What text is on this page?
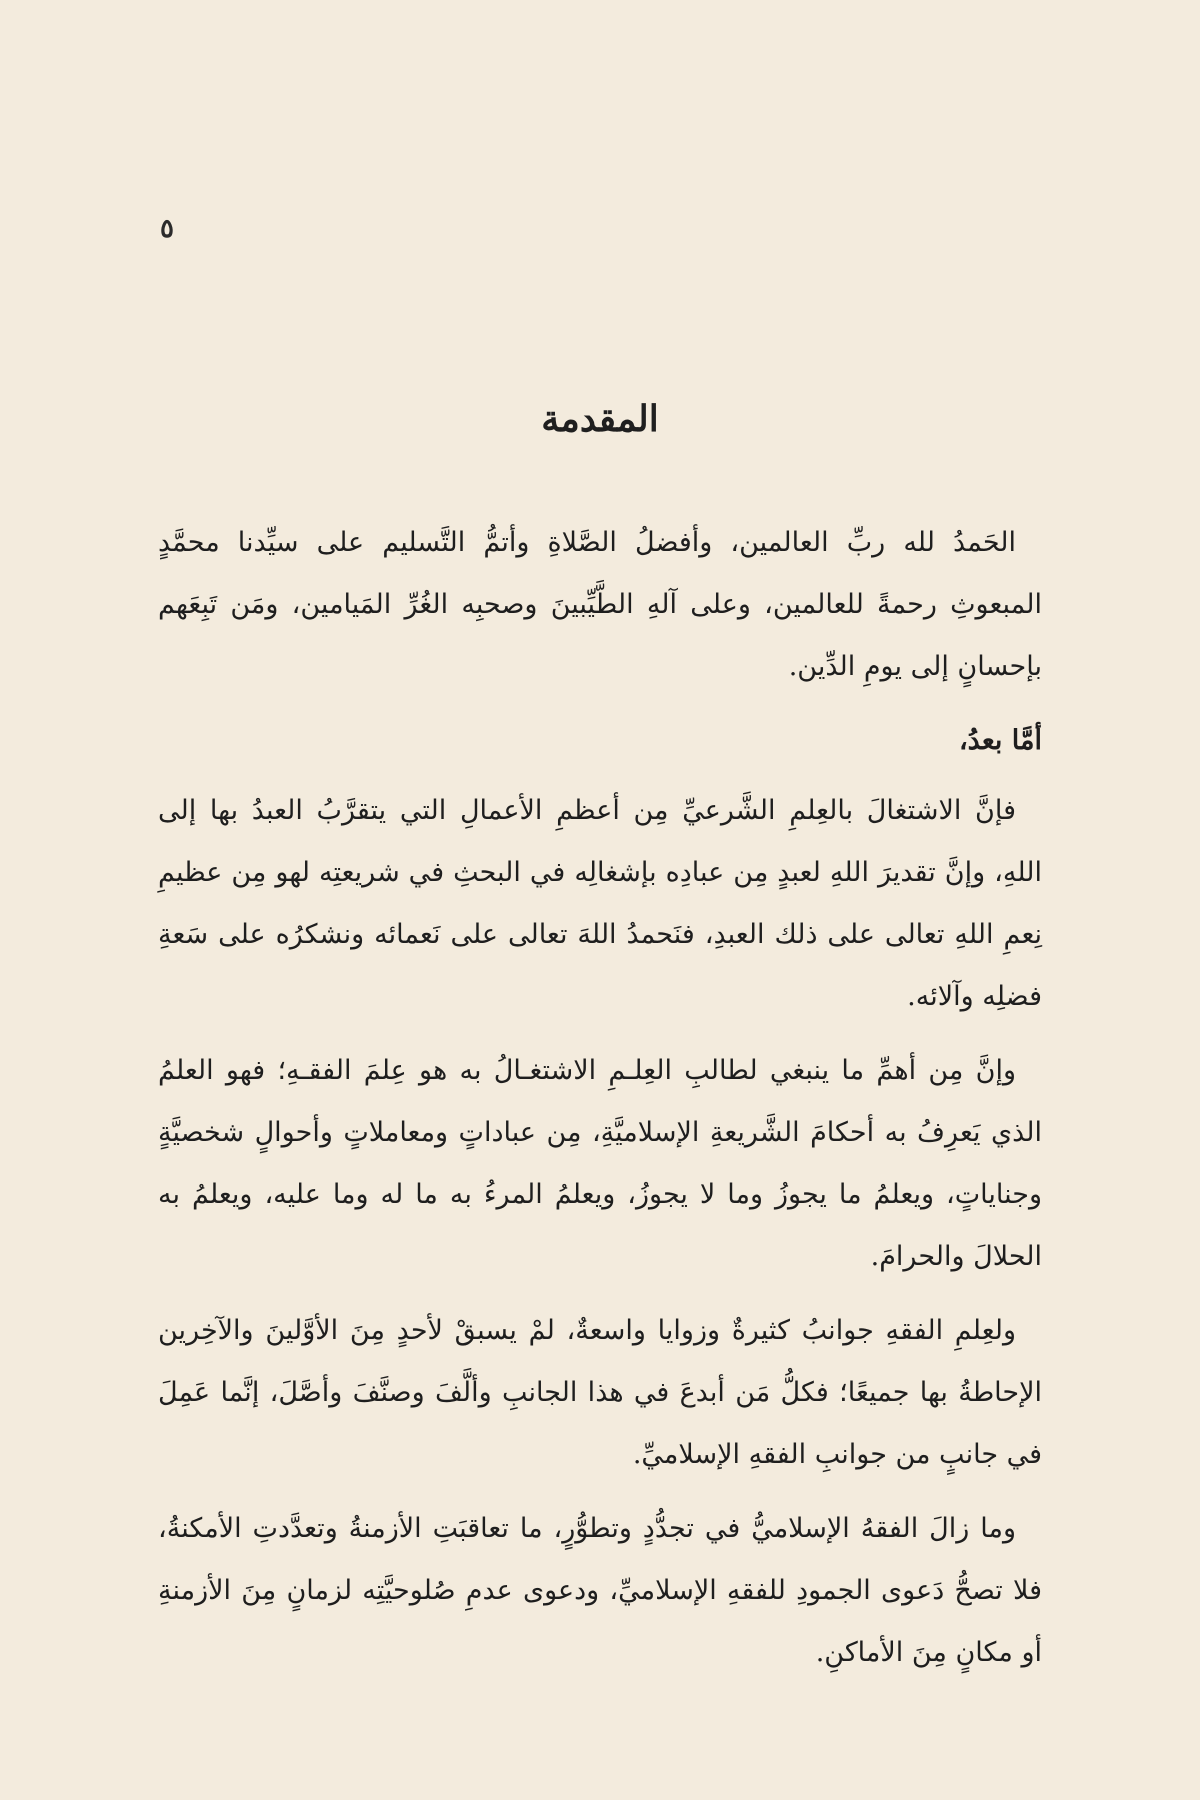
٥
المقدمة

الحَمدُ لله ربِّ العالمين، وأفضلُ الصَّلاةِ وأتمُّ التَّسليم على سيِّدنا محمَّدٍ المبعوثِ رحمةً للعالمين، وعلى آلهِ الطَّيِّبينَ وصحبِه الغُرِّ المَيامين، ومَن تَبِعَهم بإحسانٍ إلى يومِ الدِّين.

أمَّا بعدُ،

فإنَّ الاشتغالَ بالعِلمِ الشَّرعيِّ مِن أعظمِ الأعمالِ التي يتقرَّبُ العبدُ بها إلى اللهِ، وإنَّ تقديرَ اللهِ لعبدٍ مِن عبادِه بإشغالِه في البحثِ في شريعتِه لهو مِن عظيمِ نِعمِ اللهِ تعالى على ذلك العبدِ، فنَحمدُ اللهَ تعالى على نَعمائه ونشكرُه على سَعةِ فضلِه وآلائه.

وإنَّ مِن أهمِّ ما ينبغي لطالبِ العِلـمِ الاشتغـالُ به هو عِلمَ الفقـهِ؛ فهو العلمُ الذي يَعرِفُ به أحكامَ الشَّريعةِ الإسلاميَّةِ، مِن عباداتٍ ومعاملاتٍ وأحوالٍ شخصيَّةٍ وجناياتٍ، ويعلمُ ما يجوزُ وما لا يجوزُ، ويعلمُ المرءُ به ما له وما عليه، ويعلمُ به الحلالَ والحرامَ.

ولعِلمِ الفقهِ جوانبُ كثيرةٌ وزوايا واسعةٌ، لمْ يسبقْ لأحدٍ مِنَ الأوَّلينَ والآخِرين الإحاطةُ بها جميعًا؛ فكلُّ مَن أبدعَ في هذا الجانبِ وألَّفَ وصنَّفَ وأصَّلَ، إنَّما عَمِلَ في جانبٍ من جوانبِ الفقهِ الإسلاميِّ.

وما زالَ الفقهُ الإسلاميُّ في تجدُّدٍ وتطوُّرٍ، ما تعاقبَتِ الأزمنةُ وتعدَّدتِ الأمكنةُ، فلا تصحُّ دَعوى الجمودِ للفقهِ الإسلاميِّ، ودعوى عدمِ صُلوحيَّتِه لزمانٍ مِنَ الأزمنةِ أو مكانٍ مِنَ الأماكنِ.
